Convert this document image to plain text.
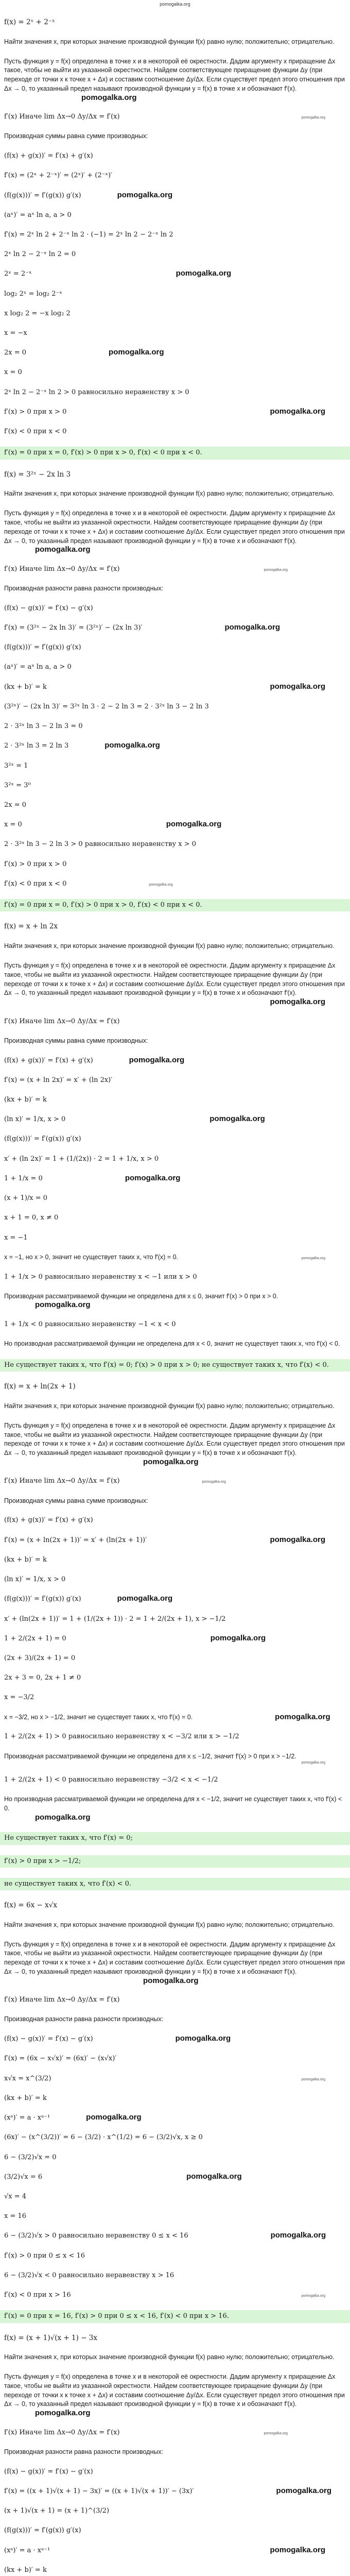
pomogalka.org
f(x) = 2ˣ + 2⁻ˣ
Найти значения x, при которых значение производной функции f(x) равно нулю; положительно; отрицательно.
Пусть функция y = f(x) определена в точке x и в некоторой её окрестности. Дадим аргументу x приращение Δx такое, чтобы не выйти из указанной окрестности. Найдем соответствующее приращение функции Δy (при переходе от точки x к точке x + Δx) и составим соотношение Δy/Δx. Если существует предел этого отношения при Δx → 0, то указанный предел называют производной функции y = f(x) в точке x и обозначают f′(x).
pomogalka.org
f′(x) Иначе lim Δx→0 Δy/Δx = f′(x)	pomogalka.org
Производная суммы равна сумме производных:
(f(x) + g(x))′ = f′(x) + g′(x)
f′(x) = (2ˣ + 2⁻ˣ)′ = (2ˣ)′ + (2⁻ˣ)′
(f(g(x)))′ = f′(g(x)) g′(x)	pomogalka.org
(aˣ)′ = aˣ ln a, a > 0
f′(x) = 2ˣ ln 2 + 2⁻ˣ ln 2 · (−1) = 2ˣ ln 2 − 2⁻ˣ ln 2
2ˣ ln 2 − 2⁻ˣ ln 2 = 0
2ˣ = 2⁻ˣ	pomogalka.org
log₂ 2ˣ = log₂ 2⁻ˣ
x log₂ 2 = −x log₂ 2
x = −x
2x = 0	pomogalka.org
x = 0
2ˣ ln 2 − 2⁻ˣ ln 2 > 0 равносильно неравенству x > 0
f′(x) > 0 при x > 0	pomogalka.org
f′(x) < 0 при x < 0
f′(x) = 0 при x = 0, f′(x) > 0 при x > 0, f′(x) < 0 при x < 0.
f(x) = 3²ˣ − 2x ln 3
Найти значения x, при которых значение производной функции f(x) равно нулю; положительно; отрицательно.
Пусть функция y = f(x) определена в точке x и в некоторой её окрестности. Дадим аргументу x приращение Δx такое, чтобы не выйти из указанной окрестности. Найдем соответствующее приращение функции Δy (при переходе от точки x к точке x + Δx) и составим соотношение Δy/Δx. Если существует предел этого отношения при Δx → 0, то указанный предел называют производной функции y = f(x) в точке x и обозначают f′(x).
pomogalka.org
f′(x) Иначе lim Δx→0 Δy/Δx = f′(x)	pomogalka.org
Производная разности равна разности производных:
(f(x) − g(x))′ = f′(x) − g′(x)
f′(x) = (3²ˣ − 2x ln 3)′ = (3²ˣ)′ − (2x ln 3)′	pomogalka.org
(f(g(x)))′ = f′(g(x)) g′(x)
(aˣ)′ = aˣ ln a, a > 0
(kx + b)′ = k	pomogalka.org
(3²ˣ)′ − (2x ln 3)′ = 3²ˣ ln 3 · 2 − 2 ln 3 = 2 · 3²ˣ ln 3 − 2 ln 3
2 · 3²ˣ ln 3 − 2 ln 3 = 0
2 · 3²ˣ ln 3 = 2 ln 3	pomogalka.org
3²ˣ = 1
3²ˣ = 3⁰
2x = 0
x = 0	pomogalka.org
2 · 3²ˣ ln 3 − 2 ln 3 > 0 равносильно неравенству x > 0
f′(x) > 0 при x > 0
f′(x) < 0 при x < 0	pomogalka.org
f′(x) = 0 при x = 0, f′(x) > 0 при x > 0, f′(x) < 0 при x < 0.
f(x) = x + ln 2x
Найти значения x, при которых значение производной функции f(x) равно нулю; положительно; отрицательно.
Пусть функция y = f(x) определена в точке x и в некоторой её окрестности. Дадим аргументу x приращение Δx такое, чтобы не выйти из указанной окрестности. Найдем соответствующее приращение функции Δy (при переходе от точки x к точке x + Δx) и составим соотношение Δy/Δx. Если существует предел этого отношения при Δx → 0, то указанный предел называют производной функции y = f(x) в точке x и обозначают f′(x).
pomogalka.org
f′(x) Иначе lim Δx→0 Δy/Δx = f′(x)
Производная суммы равна сумме производных:
(f(x) + g(x))′ = f′(x) + g′(x)	pomogalka.org
f′(x) = (x + ln 2x)′ = x′ + (ln 2x)′
(kx + b)′ = k
(ln x)′ = 1/x, x > 0	pomogalka.org
(f(g(x)))′ = f′(g(x)) g′(x)
x′ + (ln 2x)′ = 1 + (1/(2x)) · 2 = 1 + 1/x, x > 0
1 + 1/x = 0	pomogalka.org
(x + 1)/x = 0
x + 1 = 0, x ≠ 0
x = −1
x = −1, но x > 0, значит не существует таких x, что f′(x) = 0.	pomogalka.org
1 + 1/x > 0 равносильно неравенству x < −1 или x > 0
Производная рассматриваемой функции не определена для x ≤ 0, значит f′(x) > 0 при x > 0.
pomogalka.org
1 + 1/x < 0 равносильно неравенству −1 < x < 0
Но производная рассматриваемой функции не определена для x < 0, значит не существует таких x, что f′(x) < 0.
Не существует таких x, что f′(x) = 0; f′(x) > 0 при x > 0; не существует таких x, что f′(x) < 0.
f(x) = x + ln(2x + 1)
Найти значения x, при которых значение производной функции f(x) равно нулю; положительно; отрицательно.
Пусть функция y = f(x) определена в точке x и в некоторой её окрестности. Дадим аргументу x приращение Δx такое, чтобы не выйти из указанной окрестности. Найдем соответствующее приращение функции Δy (при переходе от точки x к точке x + Δx) и составим соотношение Δy/Δx. Если существует предел этого отношения при Δx → 0, то указанный предел называют производной функции y = f(x) в точке x и обозначают f′(x).
pomogalka.org
f′(x) Иначе lim Δx→0 Δy/Δx = f′(x)	pomogalka.org
Производная суммы равна сумме производных:
(f(x) + g(x))′ = f′(x) + g′(x)
f′(x) = (x + ln(2x + 1))′ = x′ + (ln(2x + 1))′	pomogalka.org
(kx + b)′ = k
(ln x)′ = 1/x, x > 0
(f(g(x)))′ = f′(g(x)) g′(x)	pomogalka.org
x′ + (ln(2x + 1))′ = 1 + (1/(2x + 1)) · 2 = 1 + 2/(2x + 1), x > −1/2
1 + 2/(2x + 1) = 0	pomogalka.org
(2x + 3)/(2x + 1) = 0
2x + 3 = 0, 2x + 1 ≠ 0
x = −3/2
x = −3/2, но x > −1/2, значит не существует таких x, что f′(x) = 0.	pomogalka.org
1 + 2/(2x + 1) > 0 равносильно неравенству x < −3/2 или x > −1/2
Производная рассматриваемой функции не определена для x ≤ −1/2, значит f′(x) > 0 при x > −1/2.
pomogalka.org
1 + 2/(2x + 1) < 0 равносильно неравенству −3/2 < x < −1/2
Но производная рассматриваемой функции не определена для x < −1/2, значит не существует таких x, что f′(x) < 0.
pomogalka.org
Не существует таких x, что f′(x) = 0;
f′(x) > 0 при x > −1/2;
не существует таких x, что f′(x) < 0.
f(x) = 6x − x√x
Найти значения x, при которых значение производной функции f(x) равно нулю; положительно; отрицательно.
Пусть функция y = f(x) определена в точке x и в некоторой её окрестности. Дадим аргументу x приращение Δx такое, чтобы не выйти из указанной окрестности. Найдем соответствующее приращение функции Δy (при переходе от точки x к точке x + Δx) и составим соотношение Δy/Δx. Если существует предел этого отношения при Δx → 0, то указанный предел называют производной функции y = f(x) в точке x и обозначают f′(x).
pomogalka.org
f′(x) Иначе lim Δx→0 Δy/Δx = f′(x)
Производная разности равна разности производных:
(f(x) − g(x))′ = f′(x) − g′(x)	pomogalka.org
f′(x) = (6x − x√x)′ = (6x)′ − (x√x)′
x√x = x^(3/2)	pomogalka.org
(kx + b)′ = k
(xᵃ)′ = a · xᵃ⁻¹	pomogalka.org
(6x)′ − (x^(3/2))′ = 6 − (3/2) · x^(1/2) = 6 − (3/2)√x, x ≥ 0
6 − (3/2)√x = 0
(3/2)√x = 6	pomogalka.org
√x = 4
x = 16
6 − (3/2)√x > 0 равносильно неравенству 0 ≤ x < 16	pomogalka.org
f′(x) > 0 при 0 ≤ x < 16
6 − (3/2)√x < 0 равносильно неравенству x > 16
f′(x) < 0 при x > 16	pomogalka.org
f′(x) = 0 при x = 16, f′(x) > 0 при 0 ≤ x < 16, f′(x) < 0 при x > 16.
f(x) = (x + 1)√(x + 1) − 3x
Найти значения x, при которых значение производной функции f(x) равно нулю; положительно; отрицательно.
Пусть функция y = f(x) определена в точке x и в некоторой её окрестности. Дадим аргументу x приращение Δx такое, чтобы не выйти из указанной окрестности. Найдем соответствующее приращение функции Δy (при переходе от точки x к точке x + Δx) и составим соотношение Δy/Δx. Если существует предел этого отношения при Δx → 0, то указанный предел называют производной функции y = f(x) в точке x и обозначают f′(x).
pomogalka.org
f′(x) Иначе lim Δx→0 Δy/Δx = f′(x)	pomogalka.org
Производная разности равна разности производных:
(f(x) − g(x))′ = f′(x) − g′(x)
f′(x) = ((x + 1)√(x + 1) − 3x)′ = ((x + 1)√(x + 1))′ − (3x)′	pomogalka.org
(x + 1)√(x + 1) = (x + 1)^(3/2)
(f(g(x)))′ = f′(g(x)) g′(x)
(xᵃ)′ = a · xᵃ⁻¹	pomogalka.org
(kx + b)′ = k
